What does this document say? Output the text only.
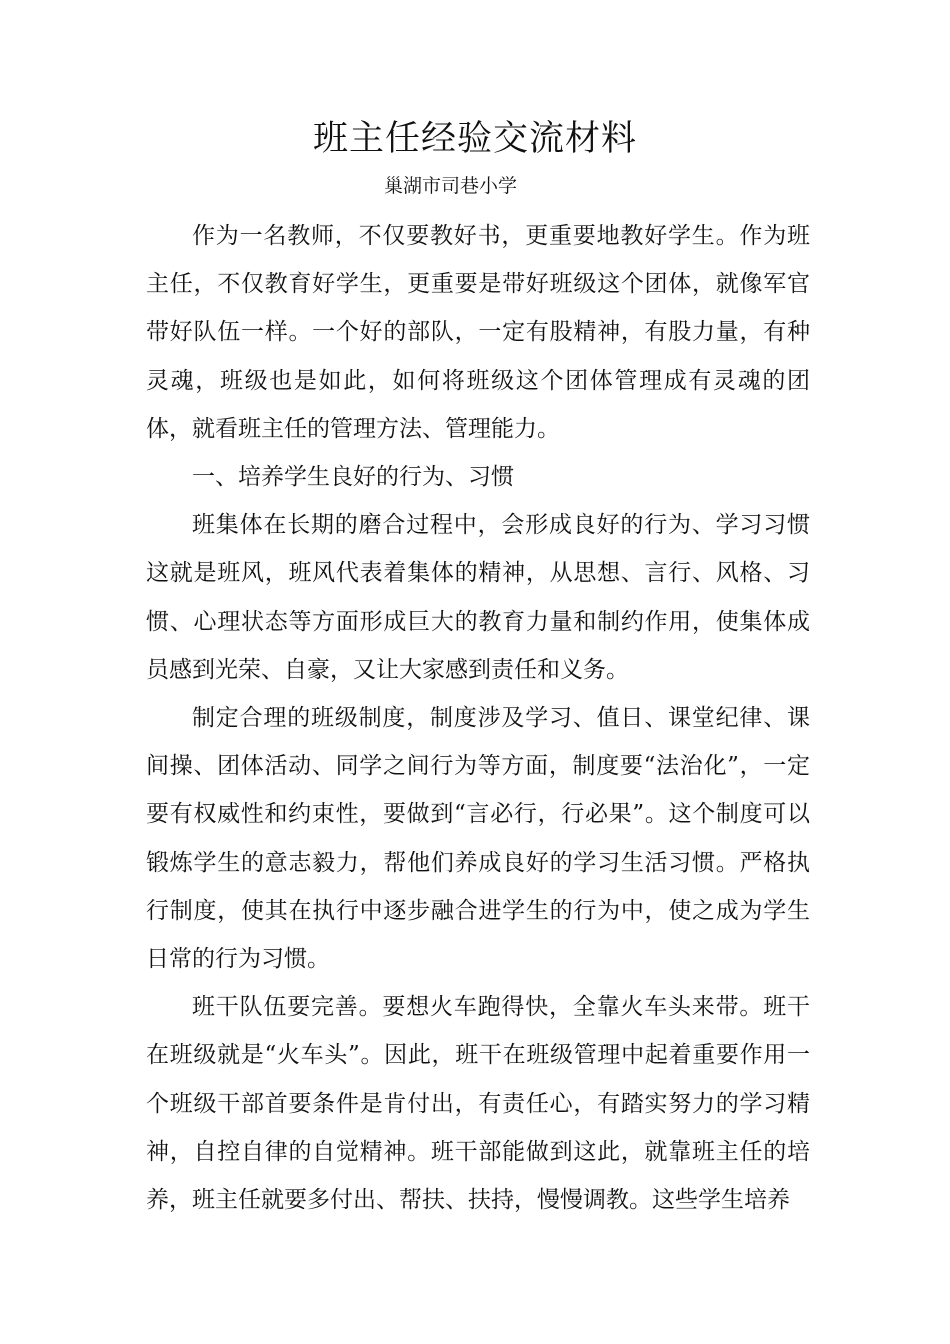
班主任经验交流材料
巢湖市司巷小学

作为一名教师，不仅要教好书，更重要地教好学生。作为班主任，不仅教育好学生，更重要是带好班级这个团体，就像军官带好队伍一样。一个好的部队，一定有股精神，有股力量，有种灵魂，班级也是如此，如何将班级这个团体管理成有灵魂的团体，就看班主任的管理方法、管理能力。

一、培养学生良好的行为、习惯

班集体在长期的磨合过程中，会形成良好的行为、学习习惯这就是班风，班风代表着集体的精神，从思想、言行、风格、习惯、心理状态等方面形成巨大的教育力量和制约作用，使集体成员感到光荣、自豪，又让大家感到责任和义务。

制定合理的班级制度，制度涉及学习、值日、课堂纪律、课间操、团体活动、同学之间行为等方面，制度要“法治化”，一定要有权威性和约束性，要做到“言必行，行必果”。这个制度可以锻炼学生的意志毅力，帮他们养成良好的学习生活习惯。严格执行制度，使其在执行中逐步融合进学生的行为中，使之成为学生日常的行为习惯。

班干队伍要完善。要想火车跑得快，全靠火车头来带。班干在班级就是“火车头”。因此，班干在班级管理中起着重要作用一个班级干部首要条件是肯付出，有责任心，有踏实努力的学习精神，自控自律的自觉精神。班干部能做到这此，就靠班主任的培养，班主任就要多付出、帮扶、扶持，慢慢调教。这些学生培养
